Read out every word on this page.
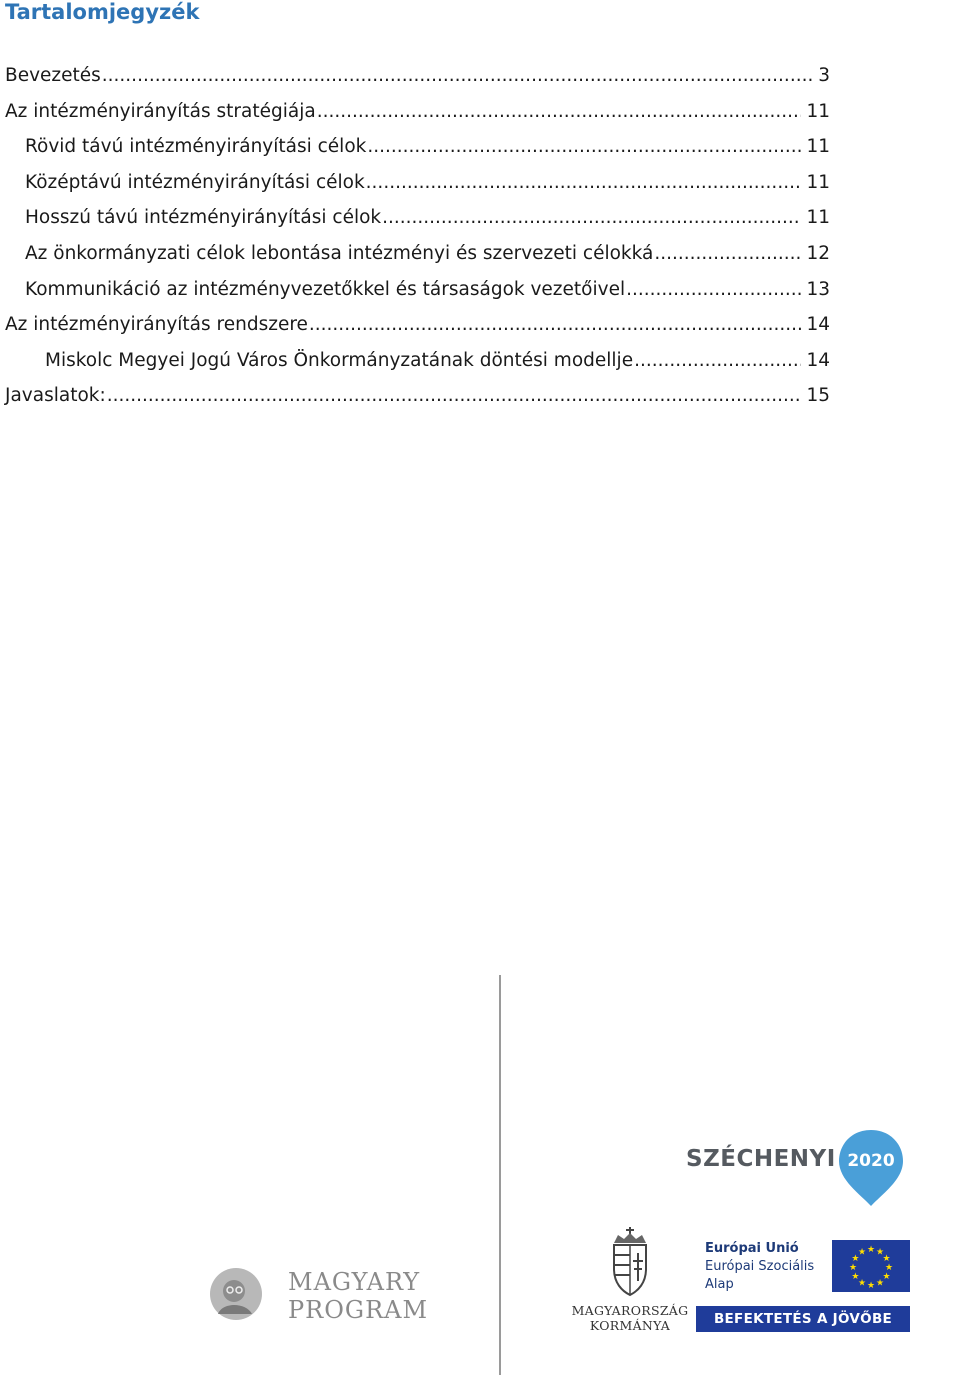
Tartalomjegyzék
Bevezetés .....	3
Az intézményirányítás stratégiája .....	11
Rövid távú intézményirányítási célok .....	11
Középtávú intézményirányítási célok .....	11
Hosszú távú intézményirányítási célok .....	11
Az önkormányzati célok lebontása intézményi és szervezeti célokká .....	12
Kommunikáció az intézményvezetőkkel és társaságok vezetőivel .....	13
Az intézményirányítás rendszere .....	14
Miskolc Megyei Jogú Város Önkormányzatának döntési modellje .....	14
Javaslatok: .....	15
SZÉCHENYI 2020
MAGYARY
PROGRAM	MAGYARORSZÁG
KORMÁNYA
Európai Unió
Európai Szociális
Alap
★ ★
★
★
★
★
★
★
★
★
★
★
BEFEKTETÉS A JÖVŐBE
